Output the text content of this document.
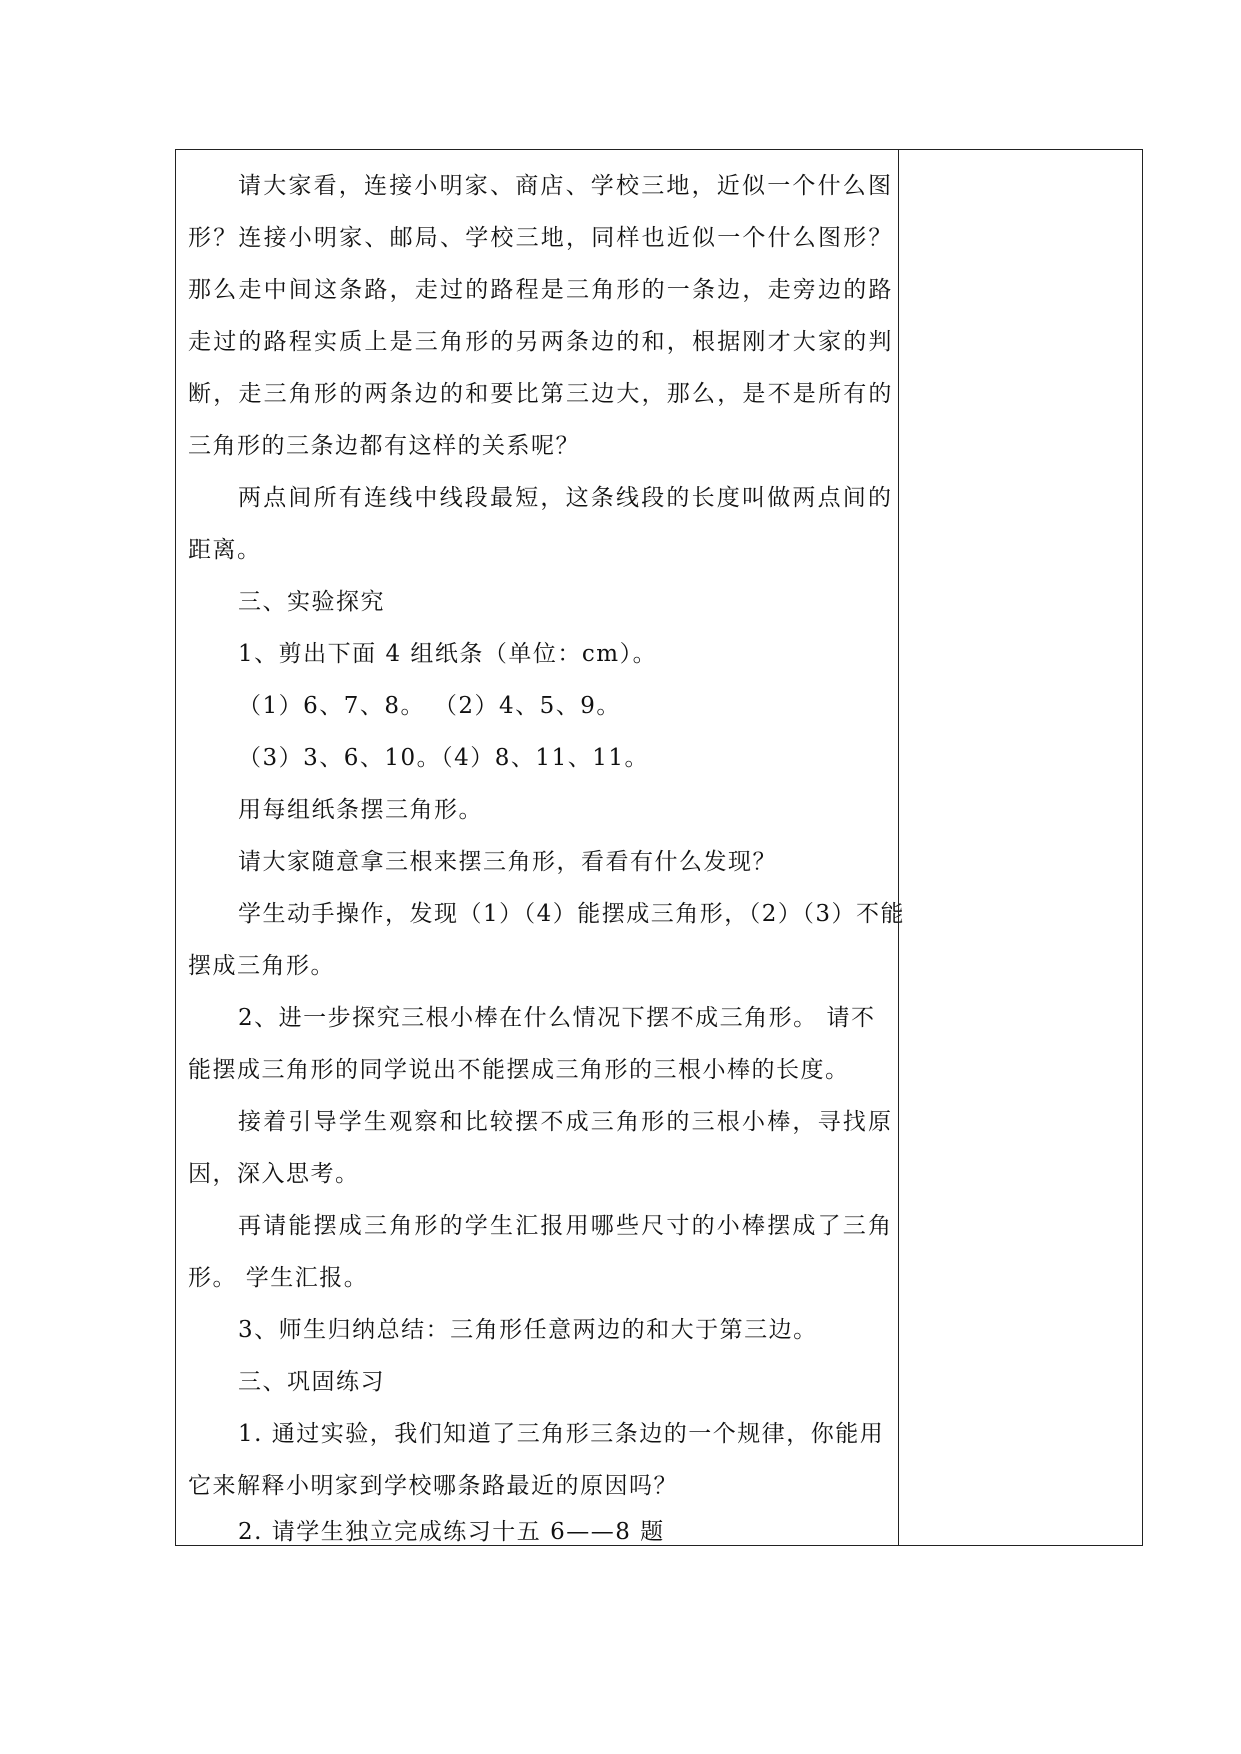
请大家看，连接小明家、商店、学校三地，近似一个什么图
形？连接小明家、邮局、学校三地，同样也近似一个什么图形？
那么走中间这条路，走过的路程是三角形的一条边，走旁边的路
走过的路程实质上是三角形的另两条边的和，根据刚才大家的判
断，走三角形的两条边的和要比第三边大，那么，是不是所有的
三角形的三条边都有这样的关系呢？
两点间所有连线中线段最短，这条线段的长度叫做两点间的
距离。
三、实验探究
1、剪出下面 4 组纸条（单位：cm）。
（1）6、7、8。 （2）4、5、9。
（3）3、6、10。（4）8、11、11。
用每组纸条摆三角形。
请大家随意拿三根来摆三角形，看看有什么发现？
学生动手操作，发现（1）（4）能摆成三角形，（2）（3）不能
摆成三角形。
2、进一步探究三根小棒在什么情况下摆不成三角形。 请不
能摆成三角形的同学说出不能摆成三角形的三根小棒的长度。
接着引导学生观察和比较摆不成三角形的三根小棒，寻找原
因，深入思考。
再请能摆成三角形的学生汇报用哪些尺寸的小棒摆成了三角
形。 学生汇报。
3、师生归纳总结：三角形任意两边的和大于第三边。
三、巩固练习
1. 通过实验，我们知道了三角形三条边的一个规律，你能用
它来解释小明家到学校哪条路最近的原因吗？
2. 请学生独立完成练习十五 6——8 题
